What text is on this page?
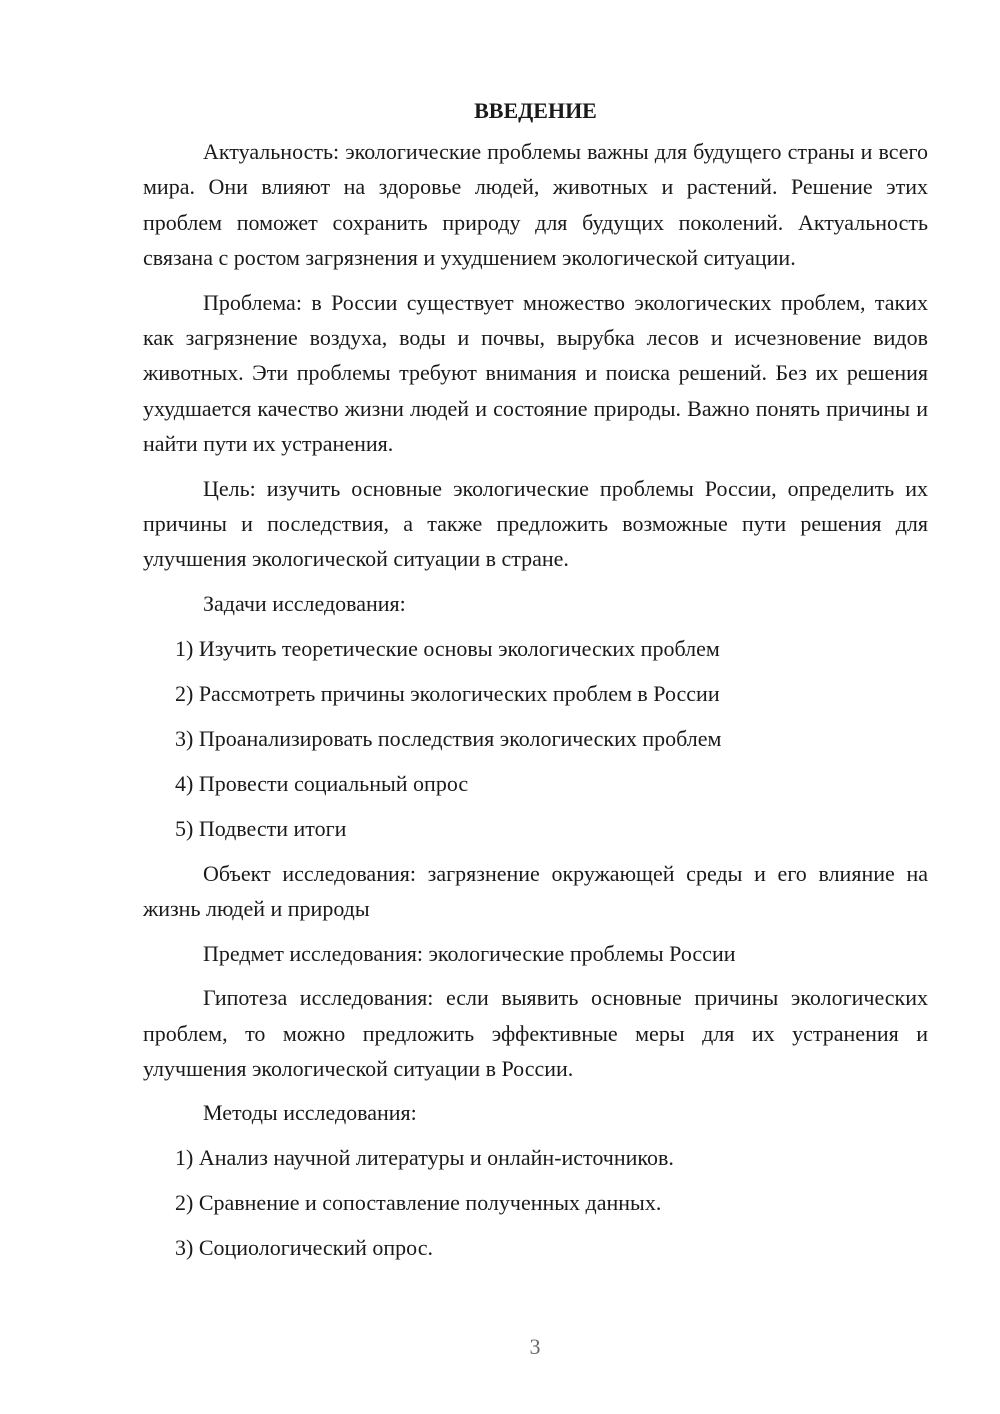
ВВЕДЕНИЕ

Актуальность: экологические проблемы важны для будущего страны и всего мира. Они влияют на здоровье людей, животных и растений. Решение этих проблем поможет сохранить природу для будущих поколений. Актуальность связана с ростом загрязнения и ухудшением экологической ситуации.

Проблема: в России существует множество экологических проблем, таких как загрязнение воздуха, воды и почвы, вырубка лесов и исчезновение видов животных. Эти проблемы требуют внимания и поиска решений. Без их решения ухудшается качество жизни людей и состояние природы. Важно понять причины и найти пути их устранения.

Цель: изучить основные экологические проблемы России, определить их причины и последствия, а также предложить возможные пути решения для улучшения экологической ситуации в стране.

Задачи исследования:
1) Изучить теоретические основы экологических проблем
2) Рассмотреть причины экологических проблем в России
3) Проанализировать последствия экологических проблем
4) Провести социальный опрос
5) Подвести итоги

Объект исследования: загрязнение окружающей среды и его влияние на жизнь людей и природы

Предмет исследования: экологические проблемы России

Гипотеза исследования: если выявить основные причины экологических проблем, то можно предложить эффективные меры для их устранения и улучшения экологической ситуации в России.

Методы исследования:
1) Анализ научной литературы и онлайн-источников.
2) Сравнение и сопоставление полученных данных.
3) Социологический опрос.
3
